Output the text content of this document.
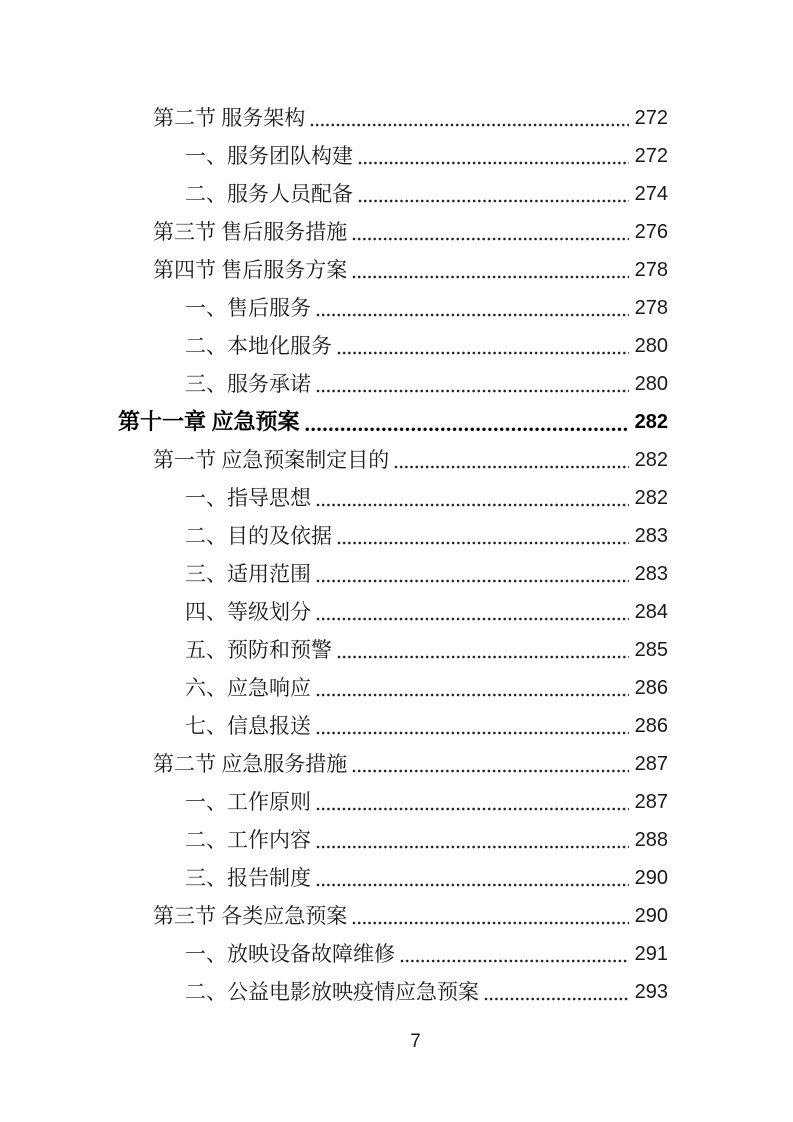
第二节 服务架构	272
一、服务团队构建	272
二、服务人员配备	274
第三节 售后服务措施	276
第四节 售后服务方案	278
一、售后服务	278
二、本地化服务	280
三、服务承诺	280
第十一章 应急预案	282
第一节 应急预案制定目的	282
一、指导思想	282
二、目的及依据	283
三、适用范围	283
四、等级划分	284
五、预防和预警	285
六、应急响应	286
七、信息报送	286
第二节 应急服务措施	287
一、工作原则	287
二、工作内容	288
三、报告制度	290
第三节 各类应急预案	290
一、放映设备故障维修	291
二、公益电影放映疫情应急预案	293
7
